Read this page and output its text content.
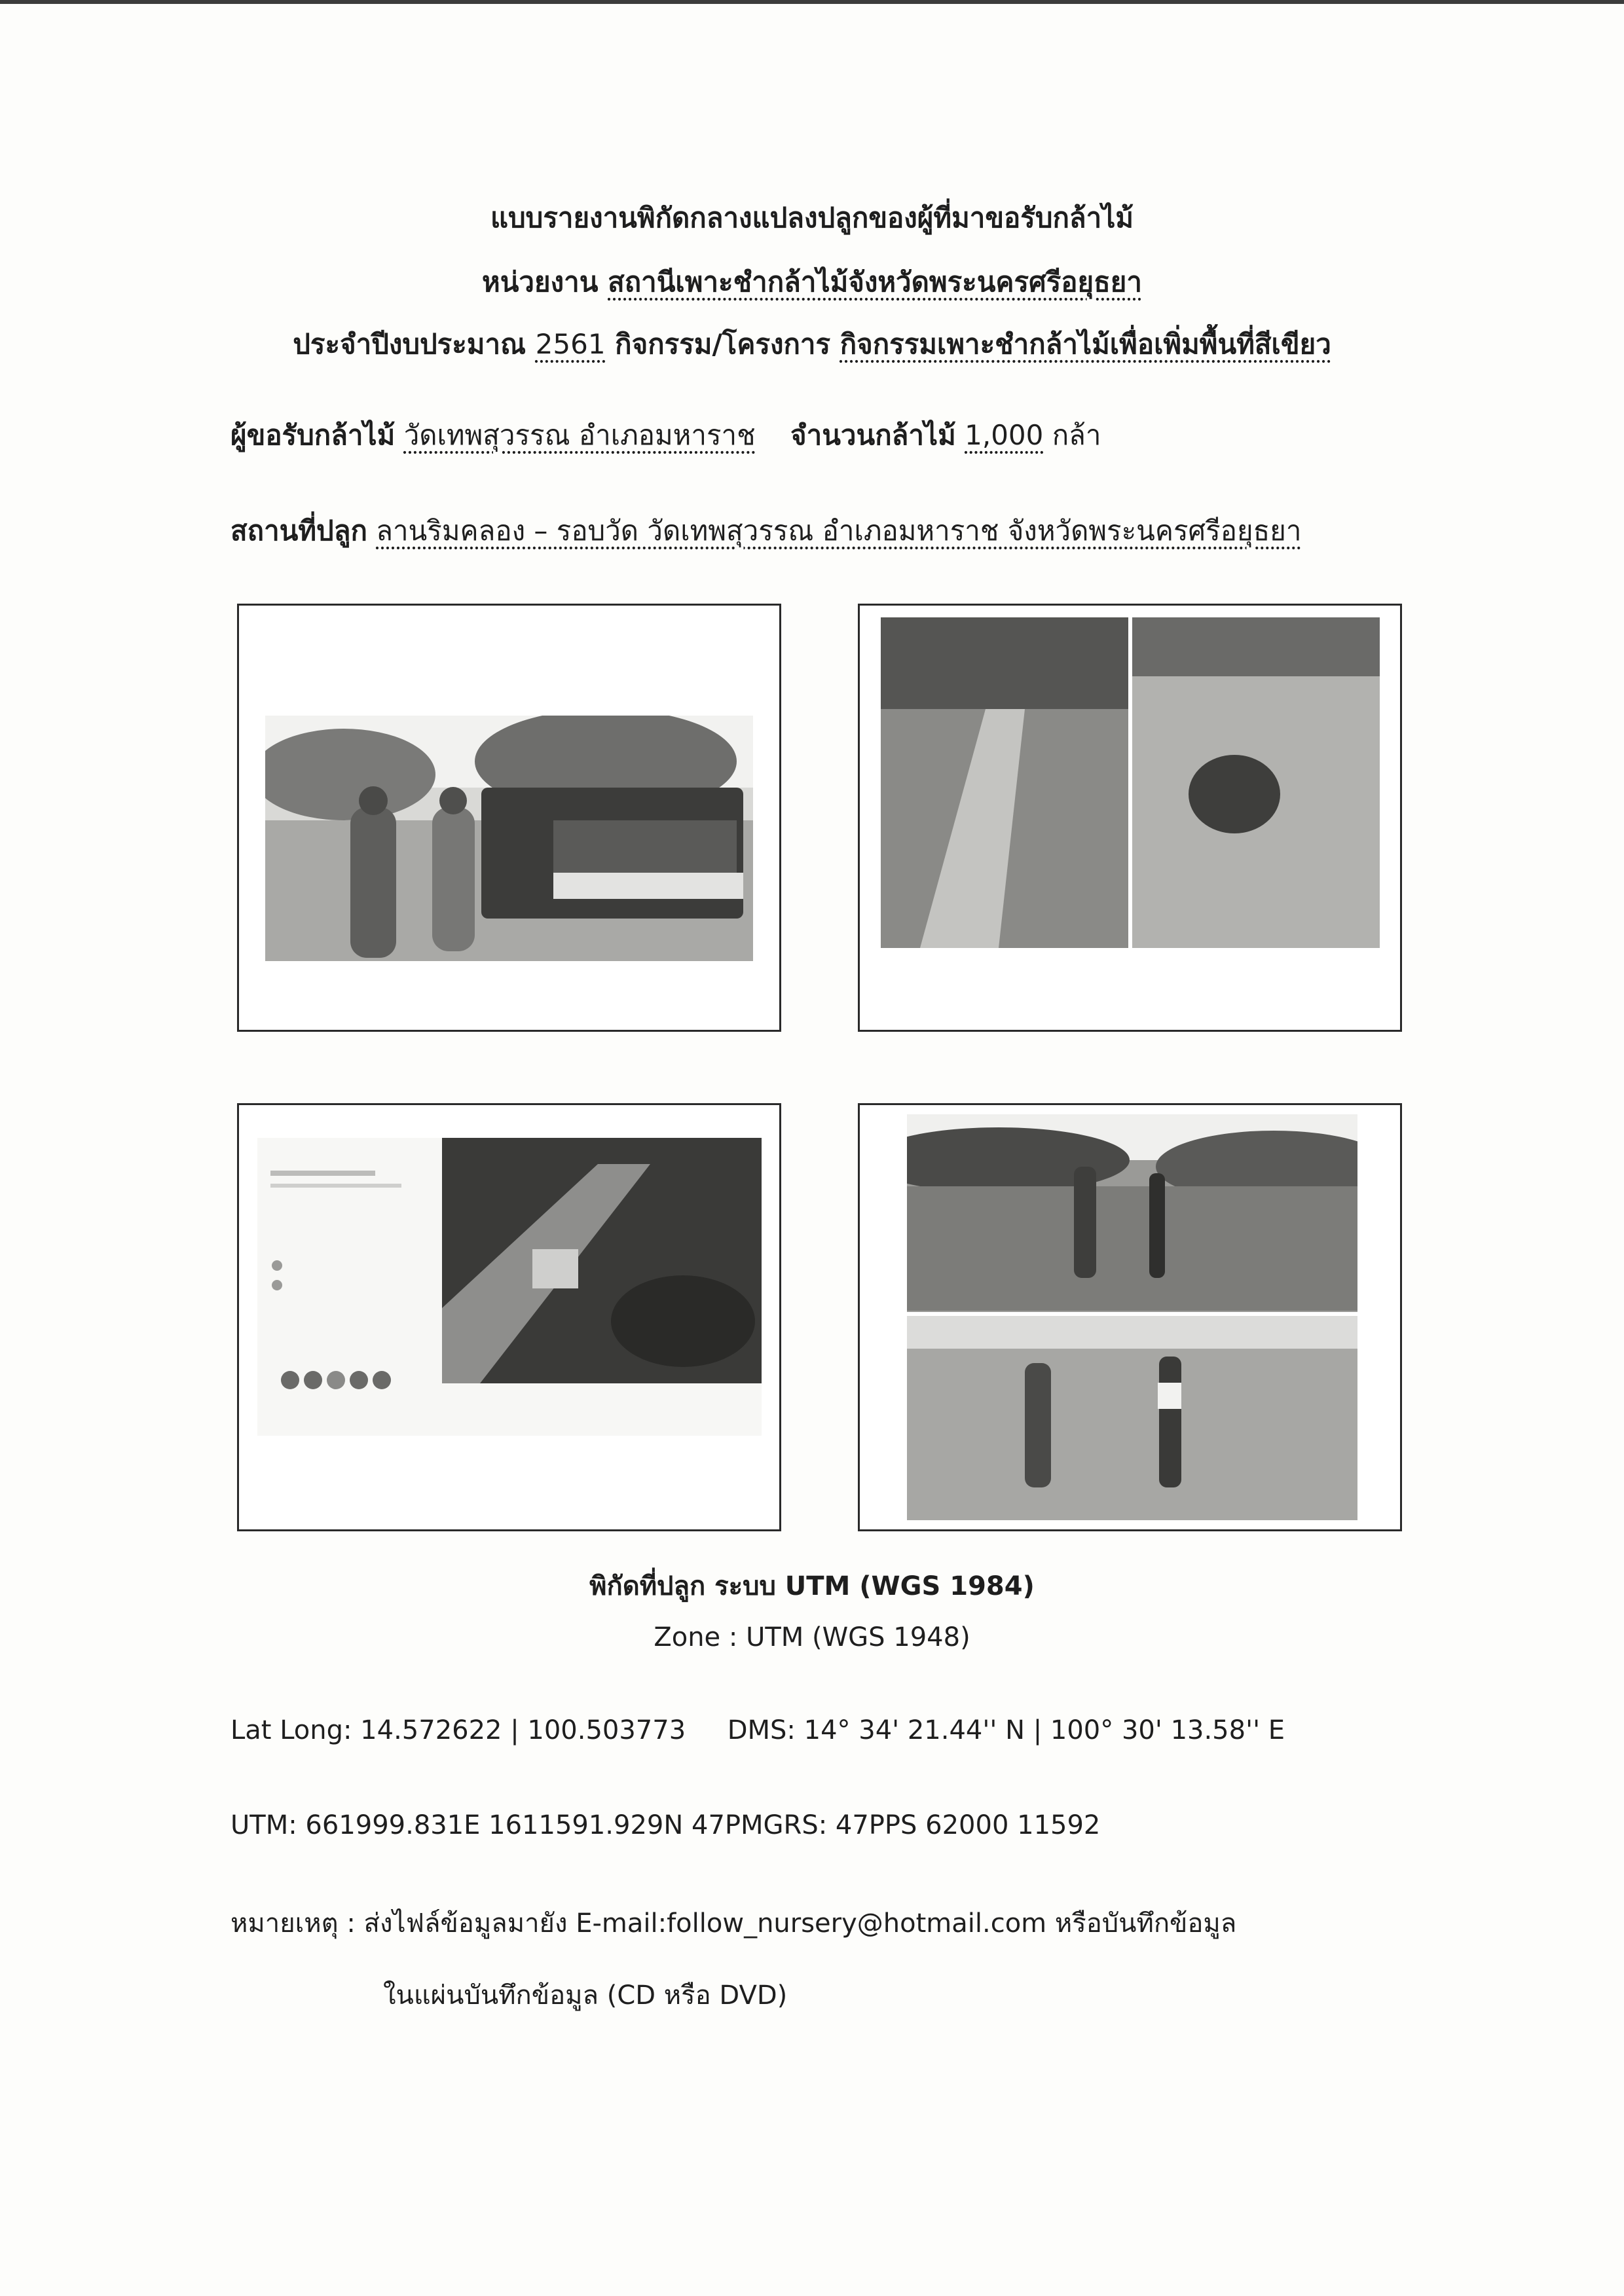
แบบรายงานพิกัดกลางแปลงปลูกของผู้ที่มาขอรับกล้าไม้
หน่วยงาน สถานีเพาะชำกล้าไม้จังหวัดพระนครศรีอยุธยา
ประจำปีงบประมาณ 2561 กิจกรรม/โครงการ กิจกรรมเพาะชำกล้าไม้เพื่อเพิ่มพื้นที่สีเขียว
ผู้ขอรับกล้าไม้ วัดเทพสุวรรณ อำเภอมหาราช จำนวนกล้าไม้ 1,000 กล้า
สถานที่ปลูก ลานริมคลอง – รอบวัด วัดเทพสุวรรณ อำเภอมหาราช จังหวัดพระนครศรีอยุธยา
พิกัดที่ปลูก ระบบ UTM (WGS 1984)
Zone : UTM (WGS 1948)
Lat Long: 14.572622 | 100.503773     DMS: 14° 34' 21.44'' N | 100° 30' 13.58'' E
UTM: 661999.831E 1611591.929N 47PMGRS: 47PPS 62000 11592
หมายเหตุ : ส่งไฟล์ข้อมูลมายัง E-mail:follow_nursery@hotmail.com หรือบันทึกข้อมูล
ในแผ่นบันทึกข้อมูล (CD หรือ DVD)
